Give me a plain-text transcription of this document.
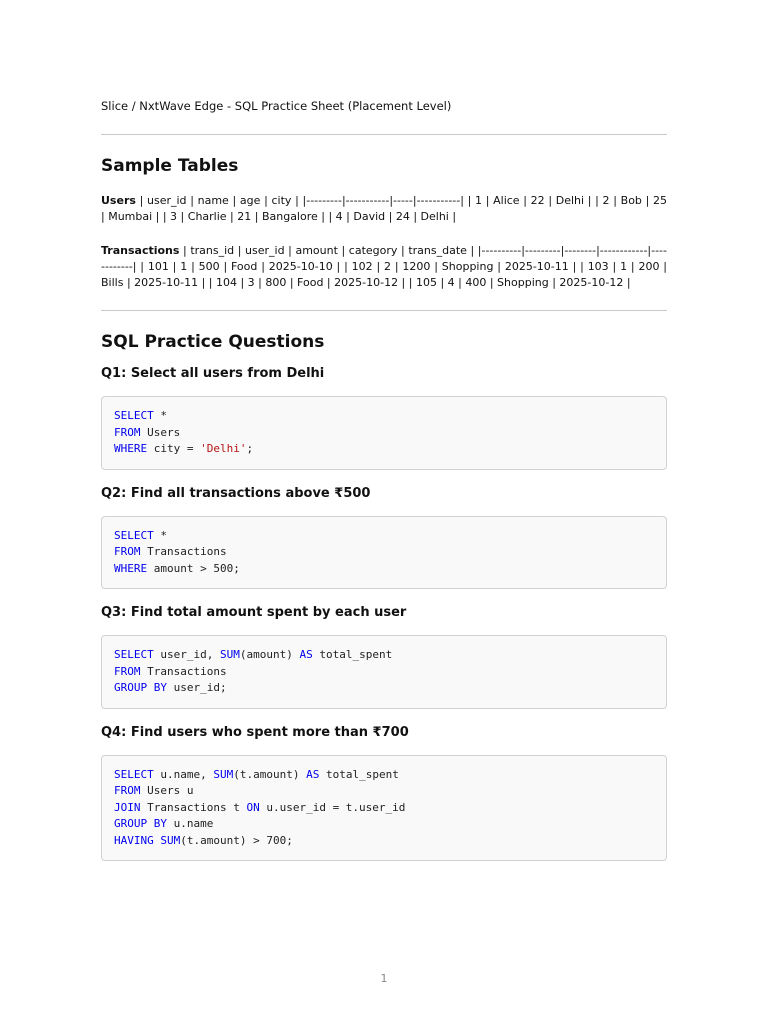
Slice / NxtWave Edge - SQL Practice Sheet (Placement Level)

Sample Tables

Users | user_id | name | age | city | |---------|-----------|-----|-----------| | 1 | Alice | 22 | Delhi | | 2 | Bob | 25 | Mumbai | | 3 | Charlie | 21 | Bangalore | | 4 | David | 24 | Delhi |

Transactions | trans_id | user_id | amount | category | trans_date | |----------|---------|--------|------------|------------| | 101 | 1 | 500 | Food | 2025-10-10 | | 102 | 2 | 1200 | Shopping | 2025-10-11 | | 103 | 1 | 200 | Bills | 2025-10-11 | | 104 | 3 | 800 | Food | 2025-10-12 | | 105 | 4 | 400 | Shopping | 2025-10-12 |

SQL Practice Questions
Q1: Select all users from Delhi
SELECT *
FROM Users
WHERE city = 'Delhi';
Q2: Find all transactions above ₹500
SELECT *
FROM Transactions
WHERE amount > 500;
Q3: Find total amount spent by each user
SELECT user_id, SUM(amount) AS total_spent
FROM Transactions
GROUP BY user_id;
Q4: Find users who spent more than ₹700
SELECT u.name, SUM(t.amount) AS total_spent
FROM Users u
JOIN Transactions t ON u.user_id = t.user_id
GROUP BY u.name
HAVING SUM(t.amount) > 700;
1
